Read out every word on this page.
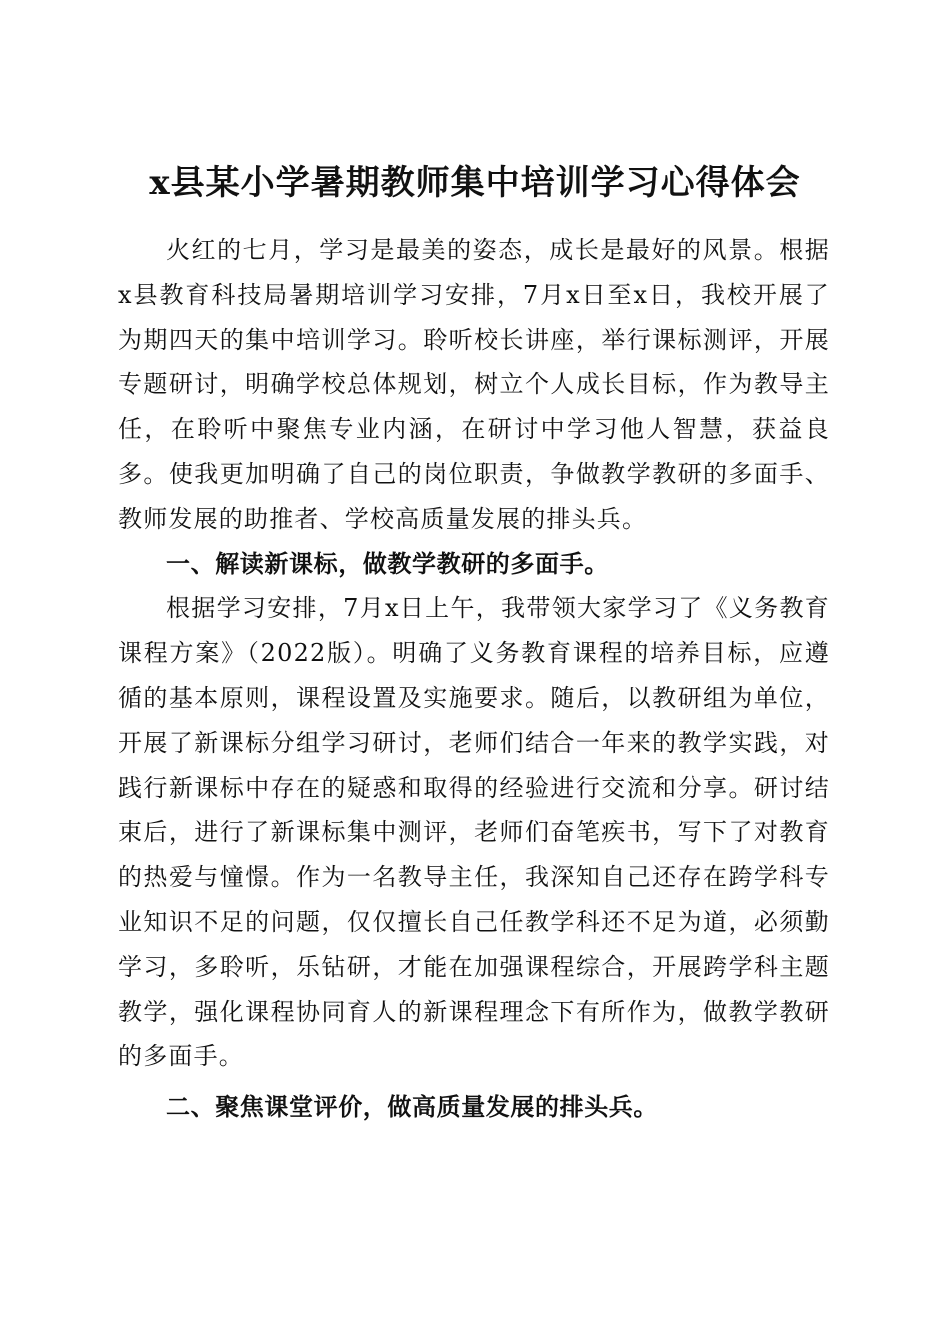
x县某小学暑期教师集中培训学习心得体会

火红的七月，学习是最美的姿态，成长是最好的风景。根据x县教育科技局暑期培训学习安排，7月x日至x日，我校开展了为期四天的集中培训学习。聆听校长讲座，举行课标测评，开展专题研讨，明确学校总体规划，树立个人成长目标，作为教导主任，在聆听中聚焦专业内涵，在研讨中学习他人智慧，获益良多。使我更加明确了自己的岗位职责，争做教学教研的多面手、教师发展的助推者、学校高质量发展的排头兵。

一、解读新课标，做教学教研的多面手。

根据学习安排，7月x日上午，我带领大家学习了《义务教育课程方案》（2022版）。明确了义务教育课程的培养目标，应遵循的基本原则，课程设置及实施要求。随后，以教研组为单位，开展了新课标分组学习研讨，老师们结合一年来的教学实践，对践行新课标中存在的疑惑和取得的经验进行交流和分享。研讨结束后，进行了新课标集中测评，老师们奋笔疾书，写下了对教育的热爱与憧憬。作为一名教导主任，我深知自己还存在跨学科专业知识不足的问题，仅仅擅长自己任教学科还不足为道，必须勤学习，多聆听，乐钻研，才能在加强课程综合，开展跨学科主题教学，强化课程协同育人的新课程理念下有所作为，做教学教研的多面手。

二、聚焦课堂评价，做高质量发展的排头兵。
